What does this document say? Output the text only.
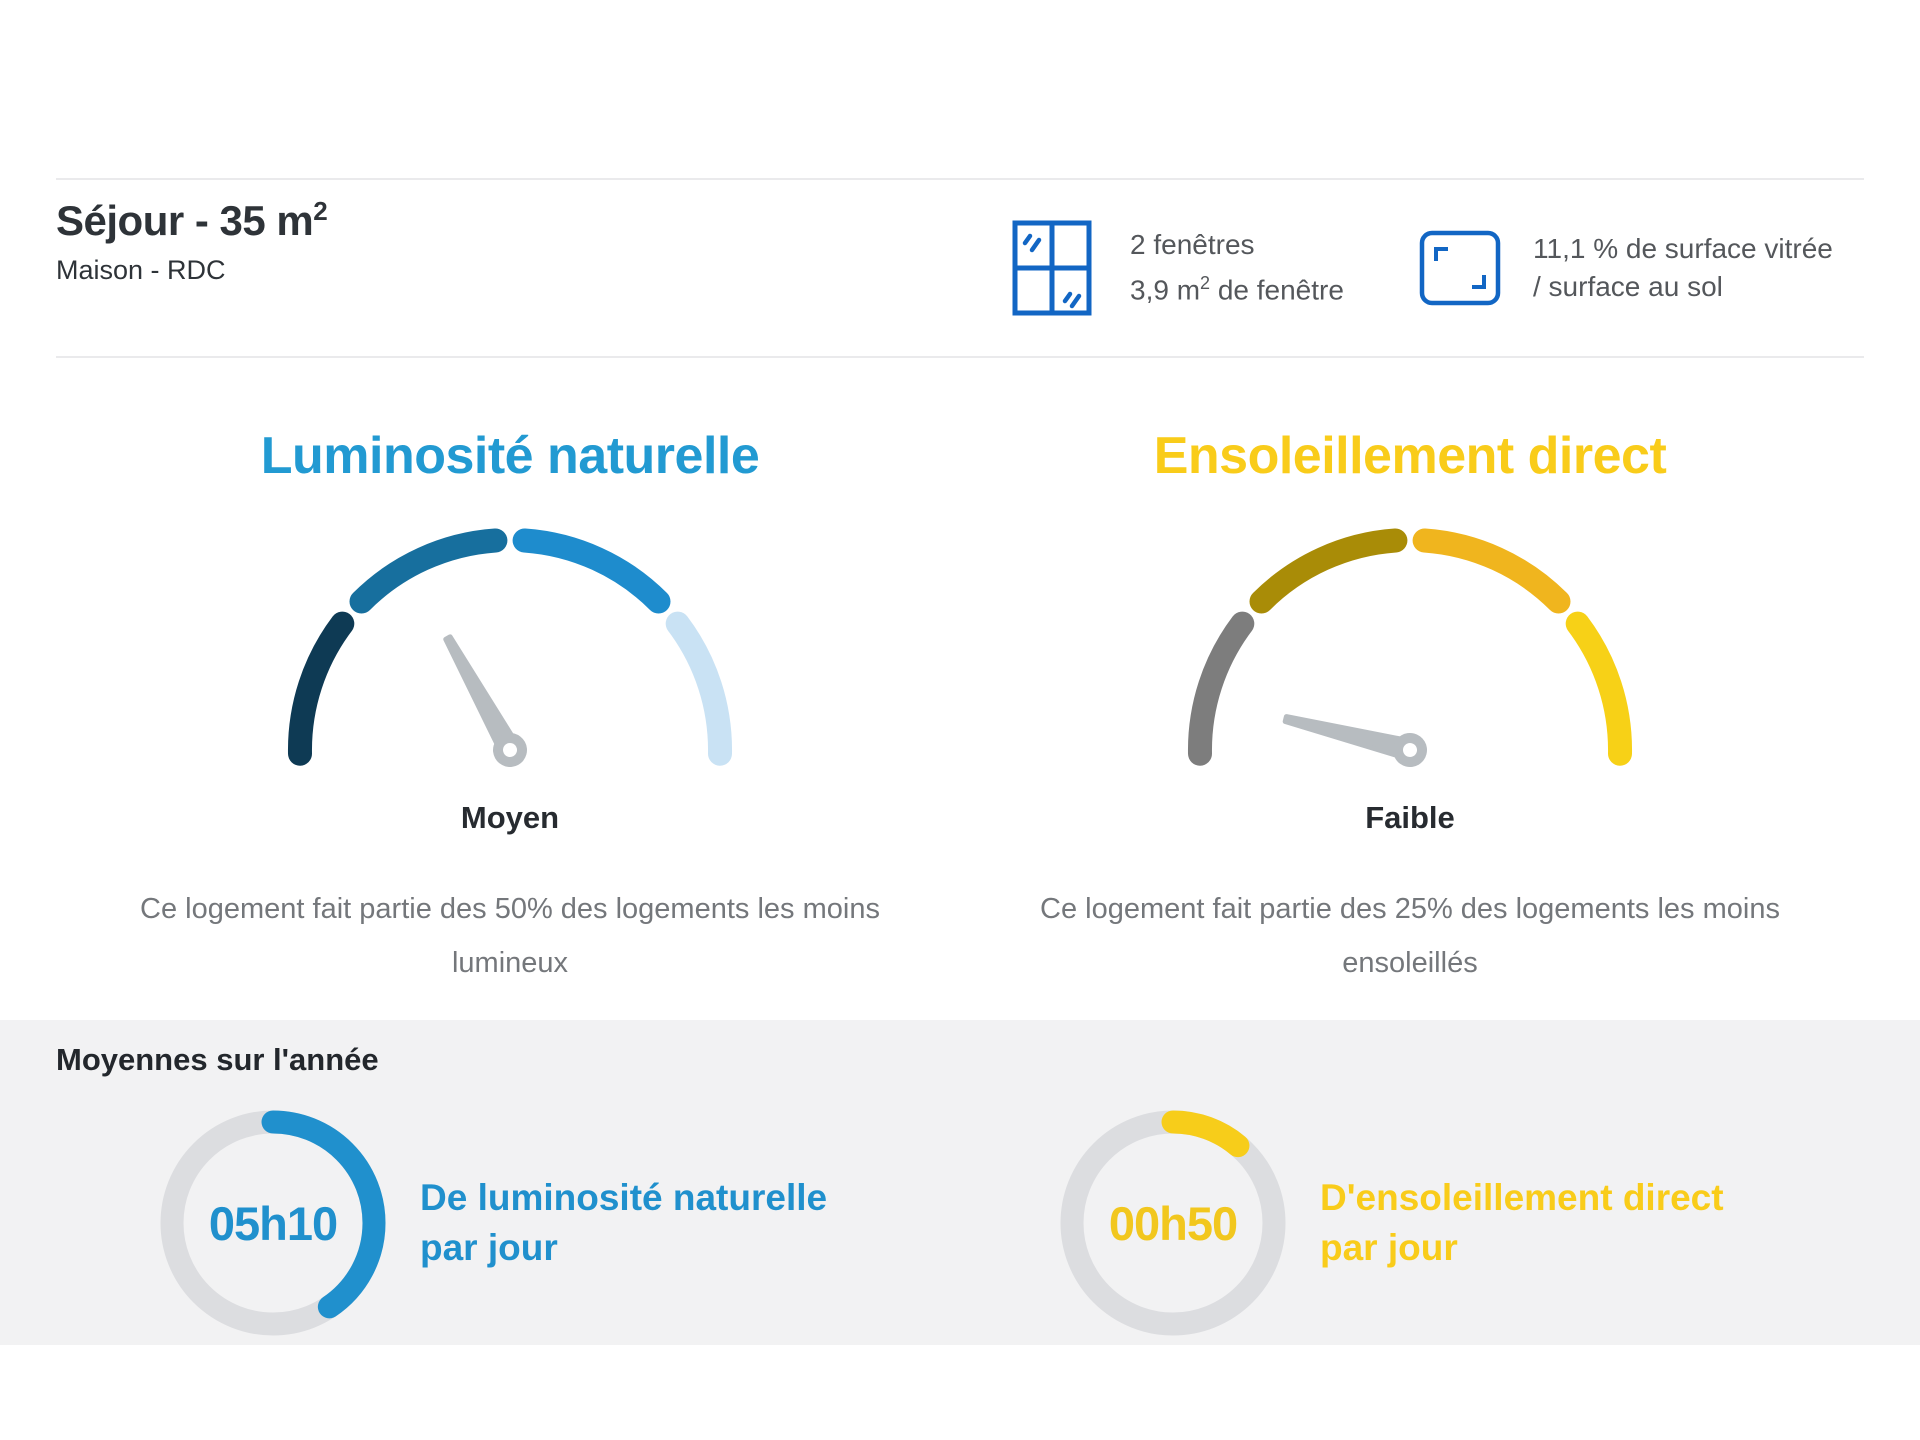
Séjour - 35 $m^2$
Maison - RDC
2 fenêtres
3,9 $m^2$ de fenêtre
11,1 % de surface vitrée
/ surface au sol
Luminosité naturelle
Moyen
Ce logement fait partie des 50% des logements les moins
lumineux
Ensoleillement direct
Faible
Ce logement fait partie des 25% des logements les moins
ensoleillés
Moyennes sur l'année
05h10	De luminosité naturelle
par jour	00h50	D'ensoleillement direct
par jour
